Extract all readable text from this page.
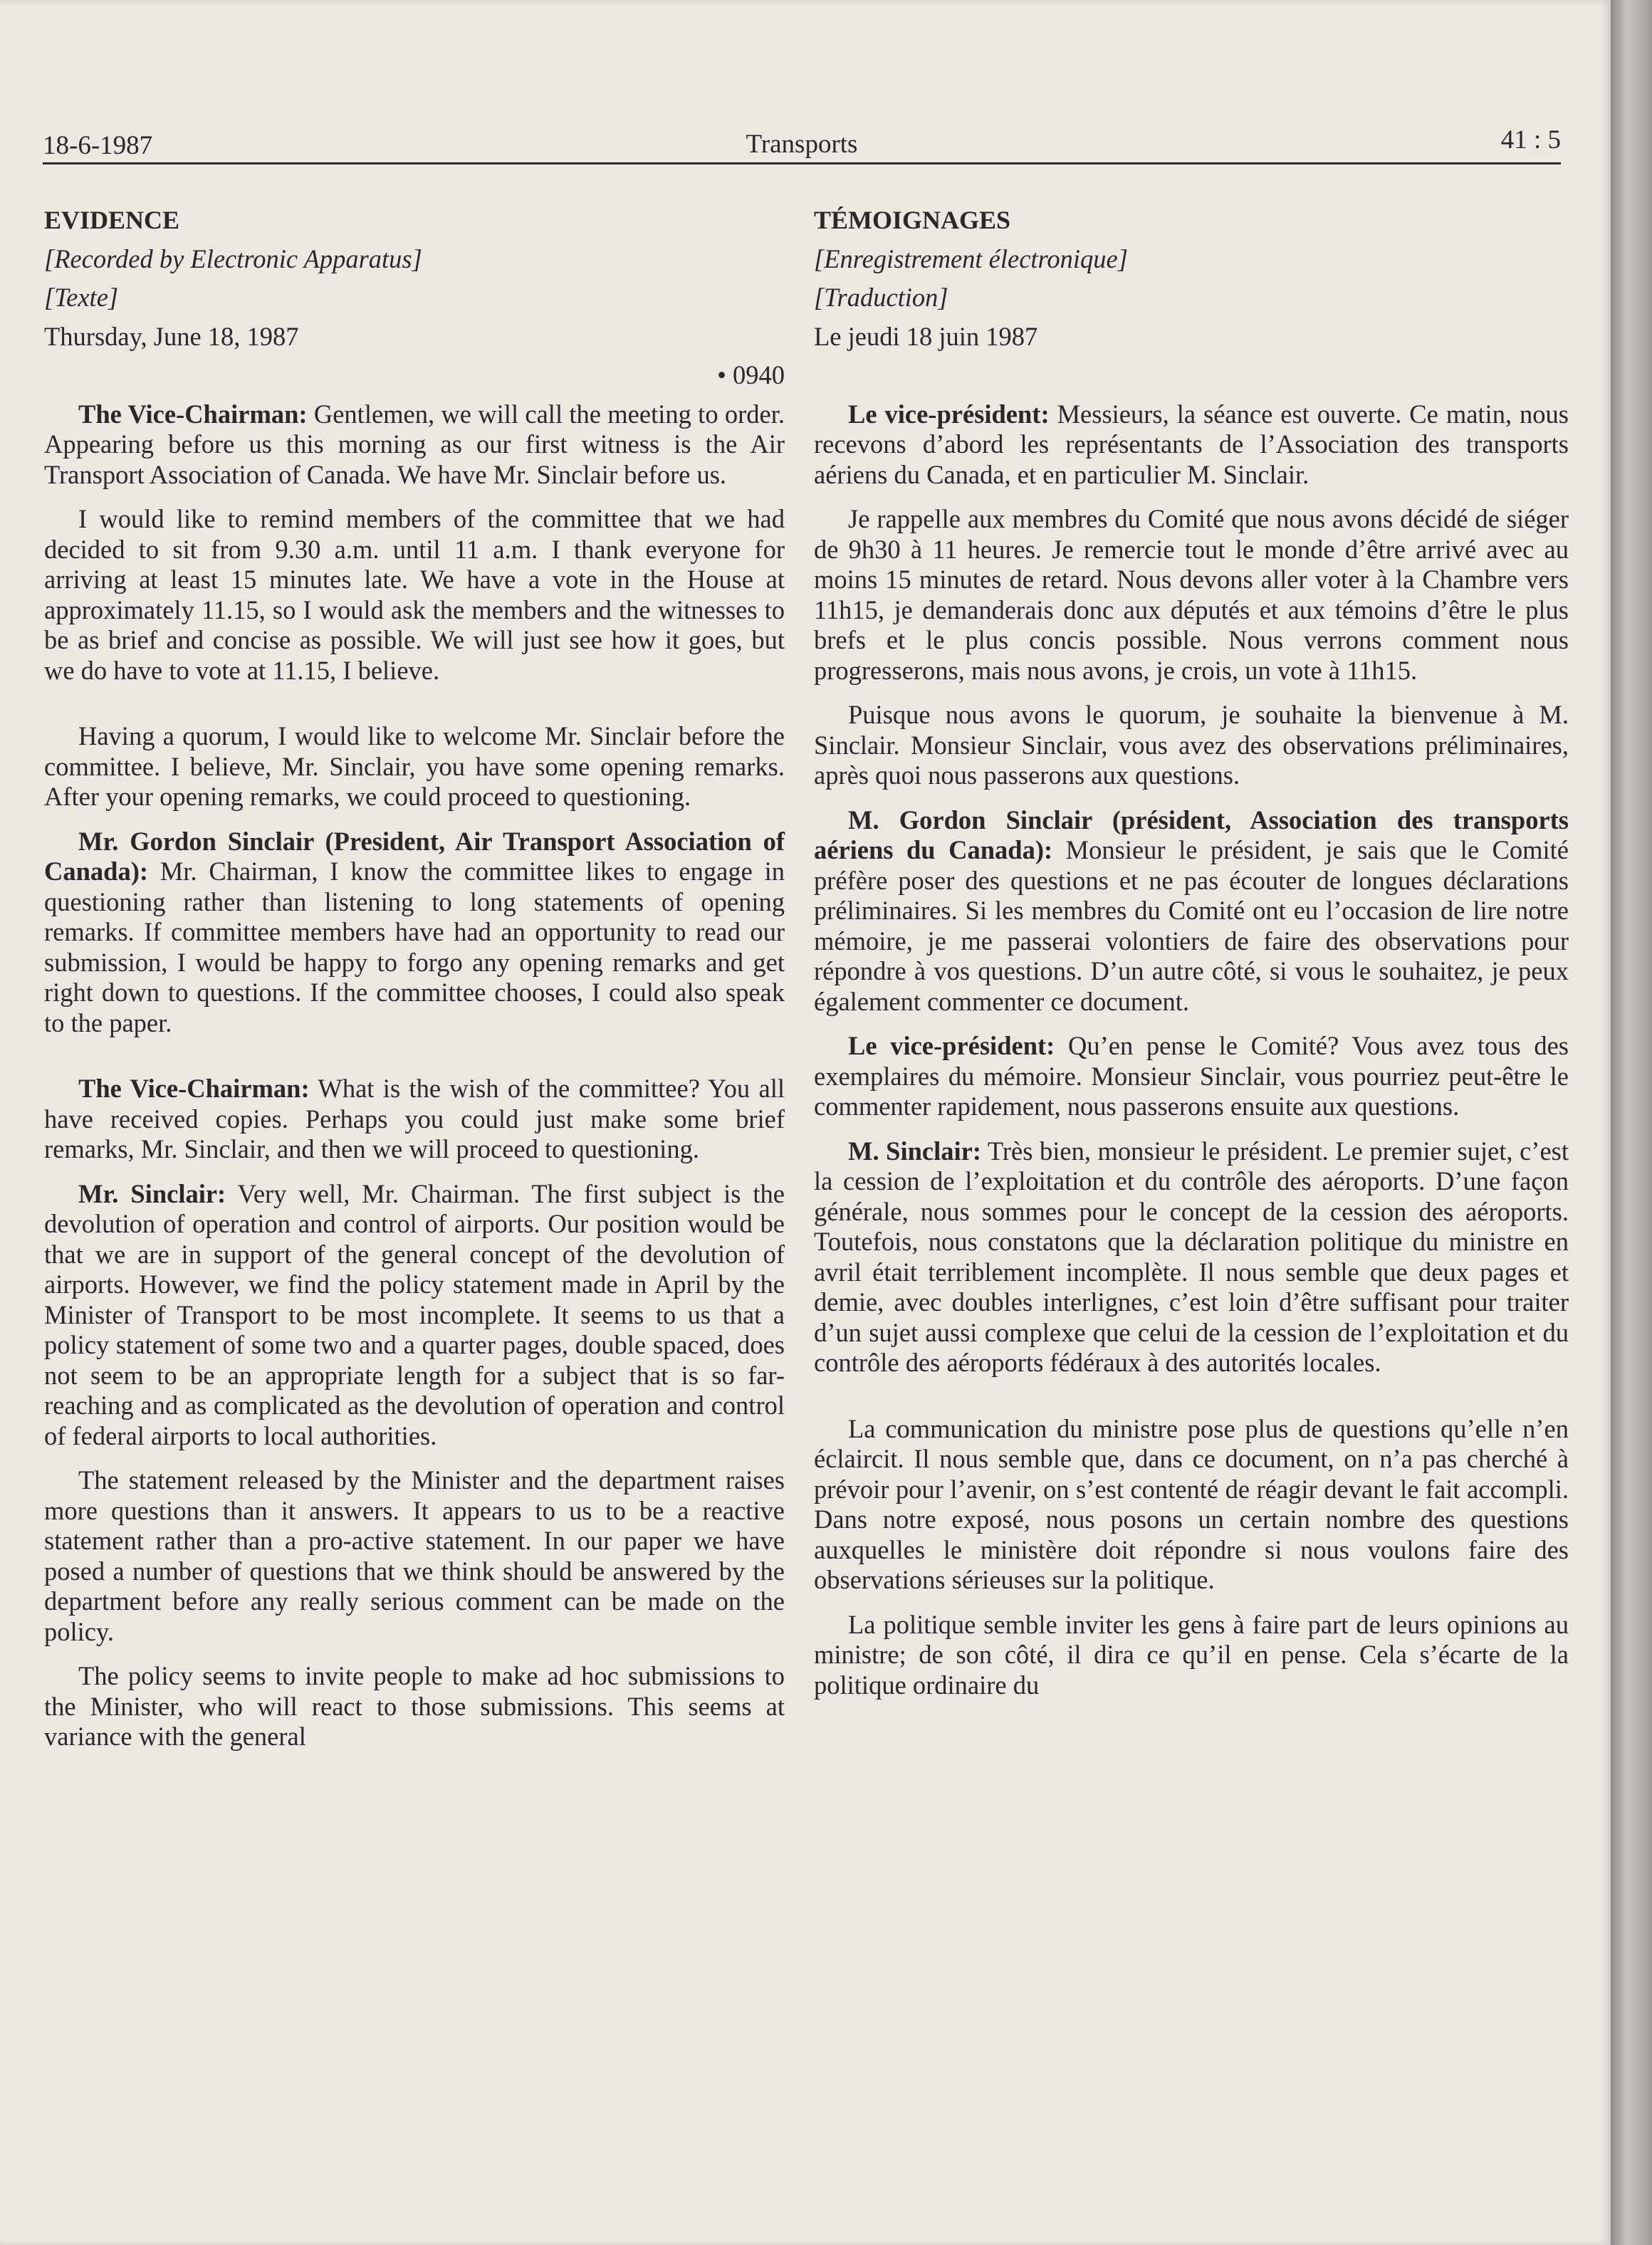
18-6-1987	Transports	41 : 5

EVIDENCE

[Recorded by Electronic Apparatus]

[Texte]

Thursday, June 18, 1987

• 0940

The Vice-Chairman: Gentlemen, we will call the meeting to order. Appearing before us this morning as our first witness is the Air Transport Association of Canada. We have Mr. Sinclair before us.

I would like to remind members of the committee that we had decided to sit from 9.30 a.m. until 11 a.m. I thank everyone for arriving at least 15 minutes late. We have a vote in the House at approximately 11.15, so I would ask the members and the witnesses to be as brief and concise as possible. We will just see how it goes, but we do have to vote at 11.15, I believe.

Having a quorum, I would like to welcome Mr. Sinclair before the committee. I believe, Mr. Sinclair, you have some opening remarks. After your opening remarks, we could proceed to questioning.

Mr. Gordon Sinclair (President, Air Transport Association of Canada): Mr. Chairman, I know the committee likes to engage in questioning rather than listening to long statements of opening remarks. If committee members have had an opportunity to read our submission, I would be happy to forgo any opening remarks and get right down to questions. If the committee chooses, I could also speak to the paper.

The Vice-Chairman: What is the wish of the committee? You all have received copies. Perhaps you could just make some brief remarks, Mr. Sinclair, and then we will proceed to questioning.

Mr. Sinclair: Very well, Mr. Chairman. The first subject is the devolution of operation and control of airports. Our position would be that we are in support of the general concept of the devolution of airports. However, we find the policy statement made in April by the Minister of Transport to be most incomplete. It seems to us that a policy statement of some two and a quarter pages, double spaced, does not seem to be an appropriate length for a subject that is so far-reaching and as complicated as the devolution of operation and control of federal airports to local authorities.

The statement released by the Minister and the department raises more questions than it answers. It appears to us to be a reactive statement rather than a pro-active statement. In our paper we have posed a number of questions that we think should be answered by the department before any really serious comment can be made on the policy.

The policy seems to invite people to make ad hoc submissions to the Minister, who will react to those submissions. This seems at variance with the general

TÉMOIGNAGES

[Enregistrement électronique]

[Traduction]

Le jeudi 18 juin 1987

Le vice-président: Messieurs, la séance est ouverte. Ce matin, nous recevons d’abord les représentants de l’Association des transports aériens du Canada, et en particulier M. Sinclair.

Je rappelle aux membres du Comité que nous avons décidé de siéger de 9h30 à 11 heures. Je remercie tout le monde d’être arrivé avec au moins 15 minutes de retard. Nous devons aller voter à la Chambre vers 11h15, je demanderais donc aux députés et aux témoins d’être le plus brefs et le plus concis possible. Nous verrons comment nous progresserons, mais nous avons, je crois, un vote à 11h15.

Puisque nous avons le quorum, je souhaite la bienvenue à M. Sinclair. Monsieur Sinclair, vous avez des observations préliminaires, après quoi nous passerons aux questions.

M. Gordon Sinclair (président, Association des transports aériens du Canada): Monsieur le président, je sais que le Comité préfère poser des questions et ne pas écouter de longues déclarations préliminaires. Si les membres du Comité ont eu l’occasion de lire notre mémoire, je me passerai volontiers de faire des observations pour répondre à vos questions. D’un autre côté, si vous le souhaitez, je peux également commenter ce document.

Le vice-président: Qu’en pense le Comité? Vous avez tous des exemplaires du mémoire. Monsieur Sinclair, vous pourriez peut-être le commenter rapidement, nous passerons ensuite aux questions.

M. Sinclair: Très bien, monsieur le président. Le premier sujet, c’est la cession de l’exploitation et du contrôle des aéroports. D’une façon générale, nous sommes pour le concept de la cession des aéroports. Toutefois, nous constatons que la déclaration politique du ministre en avril était terriblement incomplète. Il nous semble que deux pages et demie, avec doubles interlignes, c’est loin d’être suffisant pour traiter d’un sujet aussi complexe que celui de la cession de l’exploitation et du contrôle des aéroports fédéraux à des autorités locales.

La communication du ministre pose plus de questions qu’elle n’en éclaircit. Il nous semble que, dans ce document, on n’a pas cherché à prévoir pour l’avenir, on s’est contenté de réagir devant le fait accompli. Dans notre exposé, nous posons un certain nombre des questions auxquelles le ministère doit répondre si nous voulons faire des observations sérieuses sur la politique.

La politique semble inviter les gens à faire part de leurs opinions au ministre; de son côté, il dira ce qu’il en pense. Cela s’écarte de la politique ordinaire du
